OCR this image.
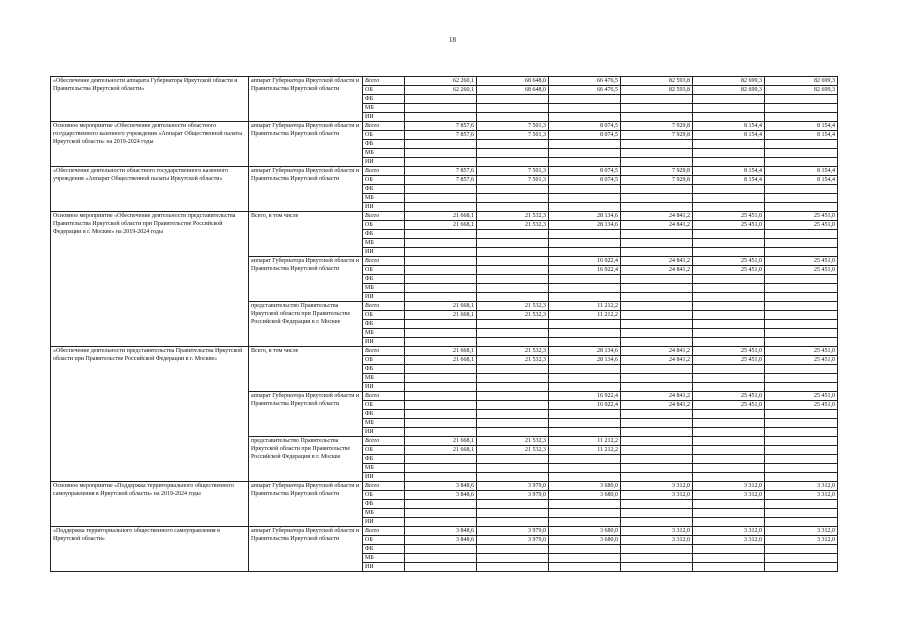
18
«Обеспечение деятельности аппарата Губернатора Иркутской области и Правительства Иркутской области»	аппарат Губернатора Иркутской области и Правительства Иркутской области	Всего	62 260,1	68 648,0	66 476,5	82 593,8	82 699,3	82 699,3
		ОБ	62 260,1	68 648,0	66 476,5	82 593,8	82 699,3	82 699,3
		ФБ						
		МБ						
		ИИ						
Основное мероприятие «Обеспечение деятельности областного государственного казенного учреждения «Аппарат Общественной палаты Иркутской области» на 2019-2024 годы	аппарат Губернатора Иркутской области и Правительства Иркутской области	Всего	7 857,6	7 501,3	8 074,5	7 929,8	8 154,4	8 154,4
		ОБ	7 857,6	7 501,3	8 074,5	7 929,8	8 154,4	8 154,4
		ФБ						
		МБ						
		ИИ						
«Обеспечение деятельности областного государственного казенного учреждения «Аппарат Общественной палаты Иркутской области»	аппарат Губернатора Иркутской области и Правительства Иркутской области	Всего	7 857,6	7 501,3	8 074,5	7 929,8	8 154,4	8 154,4
		ОБ	7 857,6	7 501,3	8 074,5	7 929,8	8 154,4	8 154,4
		ФБ						
		МБ						
		ИИ						
Основное мероприятие «Обеспечение деятельности представительства Правительства Иркутской области при Правительстве Российской Федерации в г. Москве» на 2019-2024 годы	Всего, в том числе	Всего	21 668,1	21 532,3	28 134,6	24 841,2	25 451,0	25 451,0
		ОБ	21 668,1	21 532,3	28 134,6	24 841,2	25 451,0	25 451,0
		ФБ						
		МБ						
		ИИ						
	аппарат Губернатора Иркутской области и Правительства Иркутской области	Всего			16 922,4	24 841,2	25 451,0	25 451,0
		ОБ			16 922,4	24 841,2	25 451,0	25 451,0
		ФБ						
		МБ						
		ИИ						
	представительство Правительства Иркутской области при Правительстве Российской Федерации в г. Москве	Всего	21 668,1	21 532,3	11 212,2			
		ОБ	21 668,1	21 532,3	11 212,2			
		ФБ						
		МБ						
		ИИ						
«Обеспечение деятельности представительства Правительства Иркутской области при Правительстве Российской Федерации в г. Москве»	Всего, в том числе	Всего	21 668,1	21 532,3	28 134,6	24 841,2	25 451,0	25 451,0
		ОБ	21 668,1	21 532,3	28 134,6	24 841,2	25 451,0	25 451,0
		ФБ						
		МБ						
		ИИ						
	аппарат Губернатора Иркутской области и Правительства Иркутской области	Всего			16 922,4	24 841,2	25 451,0	25 451,0
		ОБ			16 922,4	24 841,2	25 451,0	25 451,0
		ФБ						
		МБ						
		ИИ						
	представительство Правительства Иркутской области при Правительстве Российской Федерации в г. Москве	Всего	21 668,1	21 532,3	11 212,2			
		ОБ	21 668,1	21 532,3	11 212,2			
		ФБ						
		МБ						
		ИИ						
Основное мероприятие «Поддержка территориального общественного самоуправления в Иркутской области» на 2019-2024 годы	аппарат Губернатора Иркутской области и Правительства Иркутской области	Всего	3 848,6	3 979,0	3 680,0	3 312,0	3 312,0	3 312,0
		ОБ	3 848,6	3 979,0	3 680,0	3 312,0	3 312,0	3 312,0
		ФБ						
		МБ						
		ИИ						
«Поддержка территориального общественного самоуправления в Иркутской области»	аппарат Губернатора Иркутской области и Правительства Иркутской области	Всего	3 848,6	3 979,0	3 680,0	3 312,0	3 312,0	3 312,0
		ОБ	3 848,6	3 979,0	3 680,0	3 312,0	3 312,0	3 312,0
		ФБ						
		МБ						
		ИИ						
